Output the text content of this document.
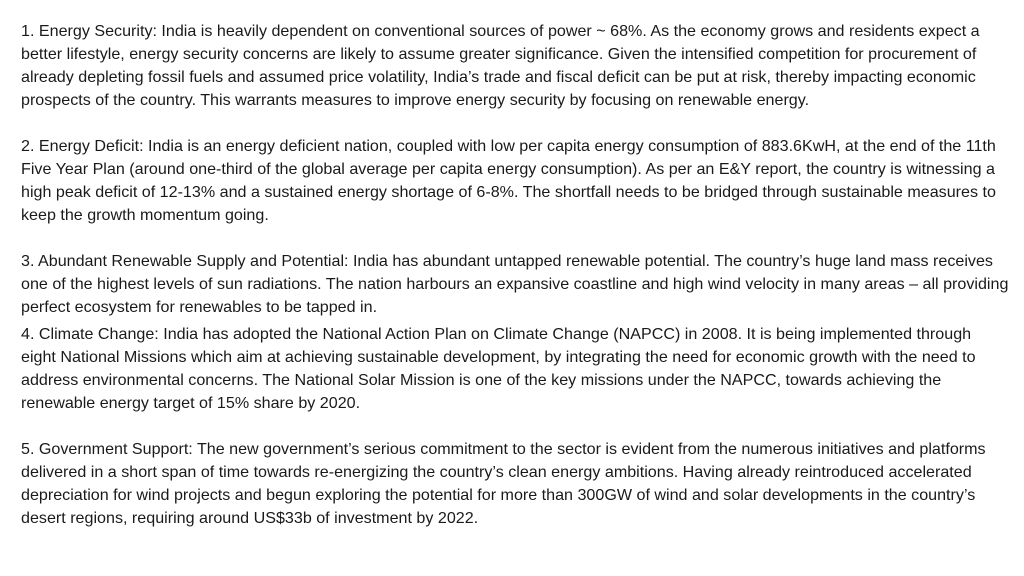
1. Energy Security: India is heavily dependent on conventional sources of power ~ 68%. As the economy grows and residents expect a better lifestyle, energy security concerns are likely to assume greater significance. Given the intensified competition for procurement of already depleting fossil fuels and assumed price volatility, India’s trade and fiscal deficit can be put at risk, thereby impacting economic prospects of the country. This warrants measures to improve energy security by focusing on renewable energy.

2. Energy Deficit: India is an energy deficient nation, coupled with low per capita energy consumption of 883.6KwH, at the end of the 11th Five Year Plan (around one-third of the global average per capita energy consumption). As per an E&Y report, the country is witnessing a high peak deficit of 12-13% and a sustained energy shortage of 6-8%. The shortfall needs to be bridged through sustainable measures to keep the growth momentum going.

3. Abundant Renewable Supply and Potential: India has abundant untapped renewable potential. The country’s huge land mass receives one of the highest levels of sun radiations. The nation harbours an expansive coastline and high wind velocity in many areas – all providing perfect ecosystem for renewables to be tapped in.

4. Climate Change: India has adopted the National Action Plan on Climate Change (NAPCC) in 2008. It is being implemented through eight National Missions which aim at achieving sustainable development, by integrating the need for economic growth with the need to address environmental concerns. The National Solar Mission is one of the key missions under the NAPCC, towards achieving the renewable energy target of 15% share by 2020.

5. Government Support: The new government’s serious commitment to the sector is evident from the numerous initiatives and platforms delivered in a short span of time towards re-energizing the country’s clean energy ambitions. Having already reintroduced accelerated depreciation for wind projects and begun exploring the potential for more than 300GW of wind and solar developments in the country’s desert regions, requiring around US$33b of investment by 2022.
